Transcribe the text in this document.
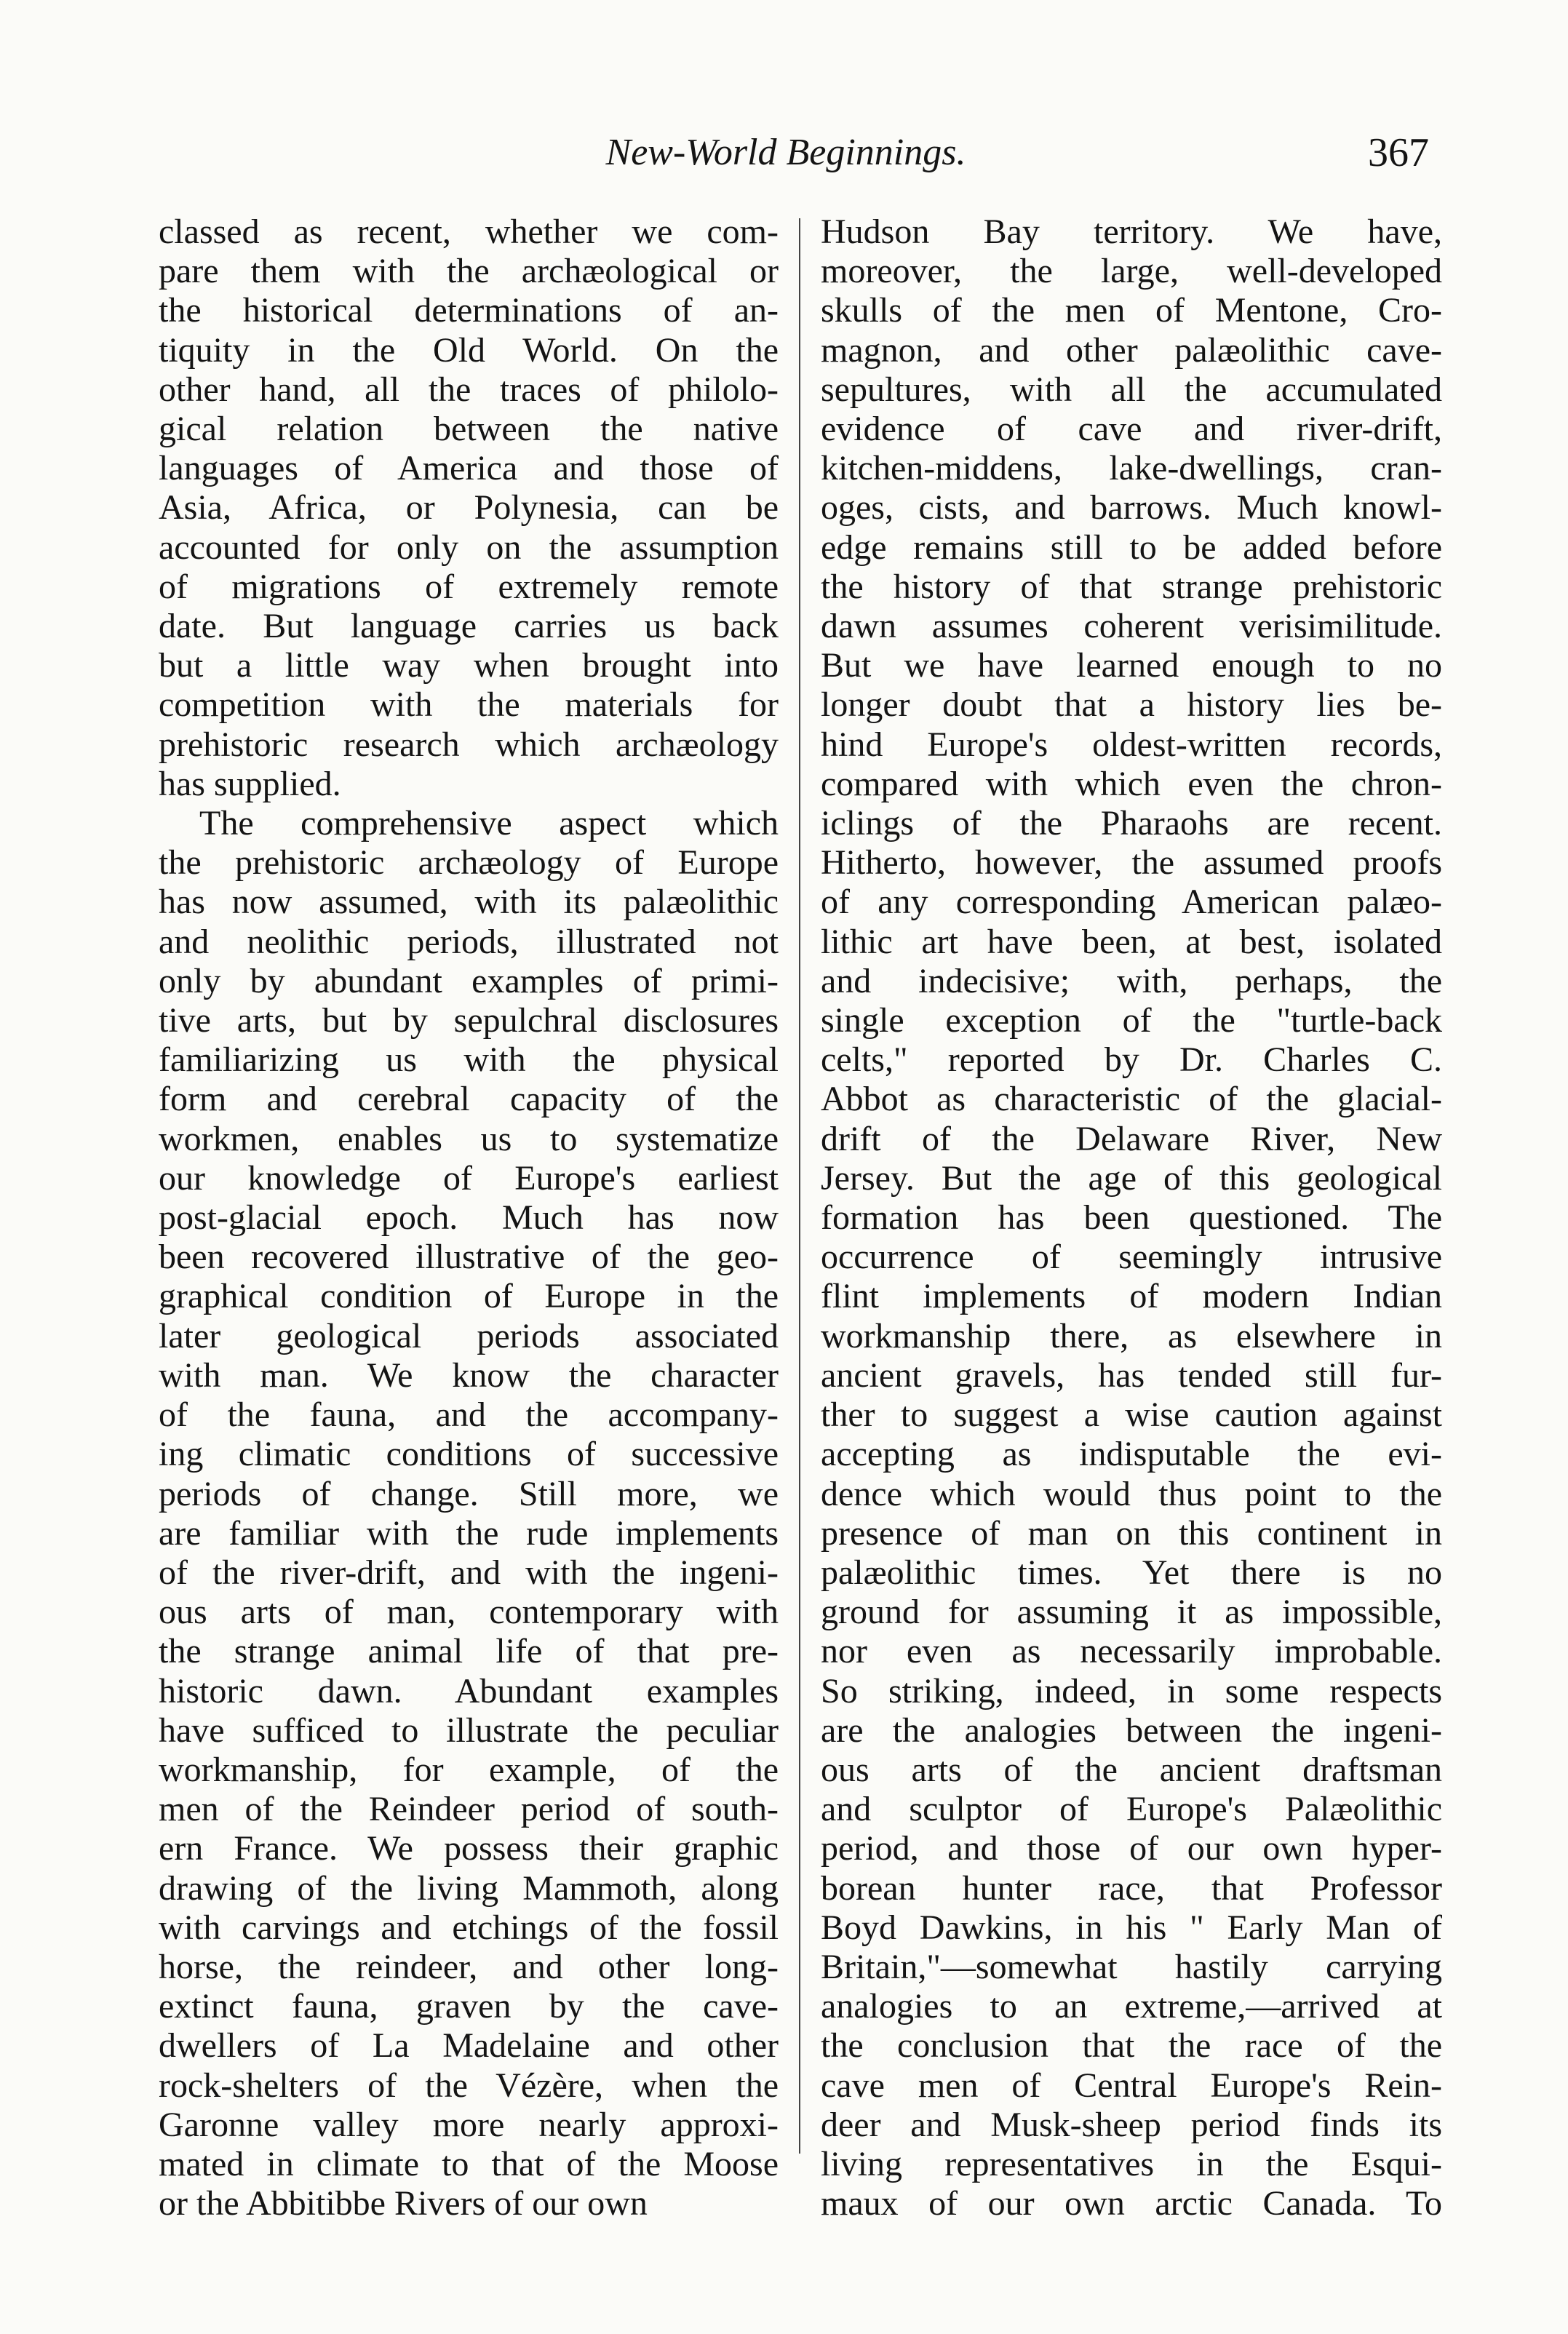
New-World Beginnings.	367
classed as recent, whether we com-
pare them with the archæological or
the historical determinations of an-
tiquity in the Old World. On the
other hand, all the traces of philolo-
gical relation between the native
languages of America and those of
Asia, Africa, or Polynesia, can be
accounted for only on the assumption
of migrations of extremely remote
date. But language carries us back
but a little way when brought into
competition with the materials for
prehistoric research which archæology
has supplied.
The comprehensive aspect which
the prehistoric archæology of Europe
has now assumed, with its palæolithic
and neolithic periods, illustrated not
only by abundant examples of primi-
tive arts, but by sepulchral disclosures
familiarizing us with the physical
form and cerebral capacity of the
workmen, enables us to systematize
our knowledge of Europe's earliest
post-glacial epoch. Much has now
been recovered illustrative of the geo-
graphical condition of Europe in the
later geological periods associated
with man. We know the character
of the fauna, and the accompany-
ing climatic conditions of successive
periods of change. Still more, we
are familiar with the rude implements
of the river-drift, and with the ingeni-
ous arts of man, contemporary with
the strange animal life of that pre-
historic dawn. Abundant examples
have sufficed to illustrate the peculiar
workmanship, for example, of the
men of the Reindeer period of south-
ern France. We possess their graphic
drawing of the living Mammoth, along
with carvings and etchings of the fossil
horse, the reindeer, and other long-
extinct fauna, graven by the cave-
dwellers of La Madelaine and other
rock-shelters of the Vézère, when the
Garonne valley more nearly approxi-
mated in climate to that of the Moose
or the Abbitibbe Rivers of our own
Hudson Bay territory. We have,
moreover, the large, well-developed
skulls of the men of Mentone, Cro-
magnon, and other palæolithic cave-
sepultures, with all the accumulated
evidence of cave and river-drift,
kitchen-middens, lake-dwellings, cran-
oges, cists, and barrows. Much knowl-
edge remains still to be added before
the history of that strange prehistoric
dawn assumes coherent verisimilitude.
But we have learned enough to no
longer doubt that a history lies be-
hind Europe's oldest-written records,
compared with which even the chron-
iclings of the Pharaohs are recent.
Hitherto, however, the assumed proofs
of any corresponding American palæo-
lithic art have been, at best, isolated
and indecisive; with, perhaps, the
single exception of the "turtle-back
celts," reported by Dr. Charles C.
Abbot as characteristic of the glacial-
drift of the Delaware River, New
Jersey. But the age of this geological
formation has been questioned. The
occurrence of seemingly intrusive
flint implements of modern Indian
workmanship there, as elsewhere in
ancient gravels, has tended still fur-
ther to suggest a wise caution against
accepting as indisputable the evi-
dence which would thus point to the
presence of man on this continent in
palæolithic times. Yet there is no
ground for assuming it as impossible,
nor even as necessarily improbable.
So striking, indeed, in some respects
are the analogies between the ingeni-
ous arts of the ancient draftsman
and sculptor of Europe's Palæolithic
period, and those of our own hyper-
borean hunter race, that Professor
Boyd Dawkins, in his " Early Man of
Britain,"—somewhat hastily carrying
analogies to an extreme,—arrived at
the conclusion that the race of the
cave men of Central Europe's Rein-
deer and Musk-sheep period finds its
living representatives in the Esqui-
maux of our own arctic Canada. To
